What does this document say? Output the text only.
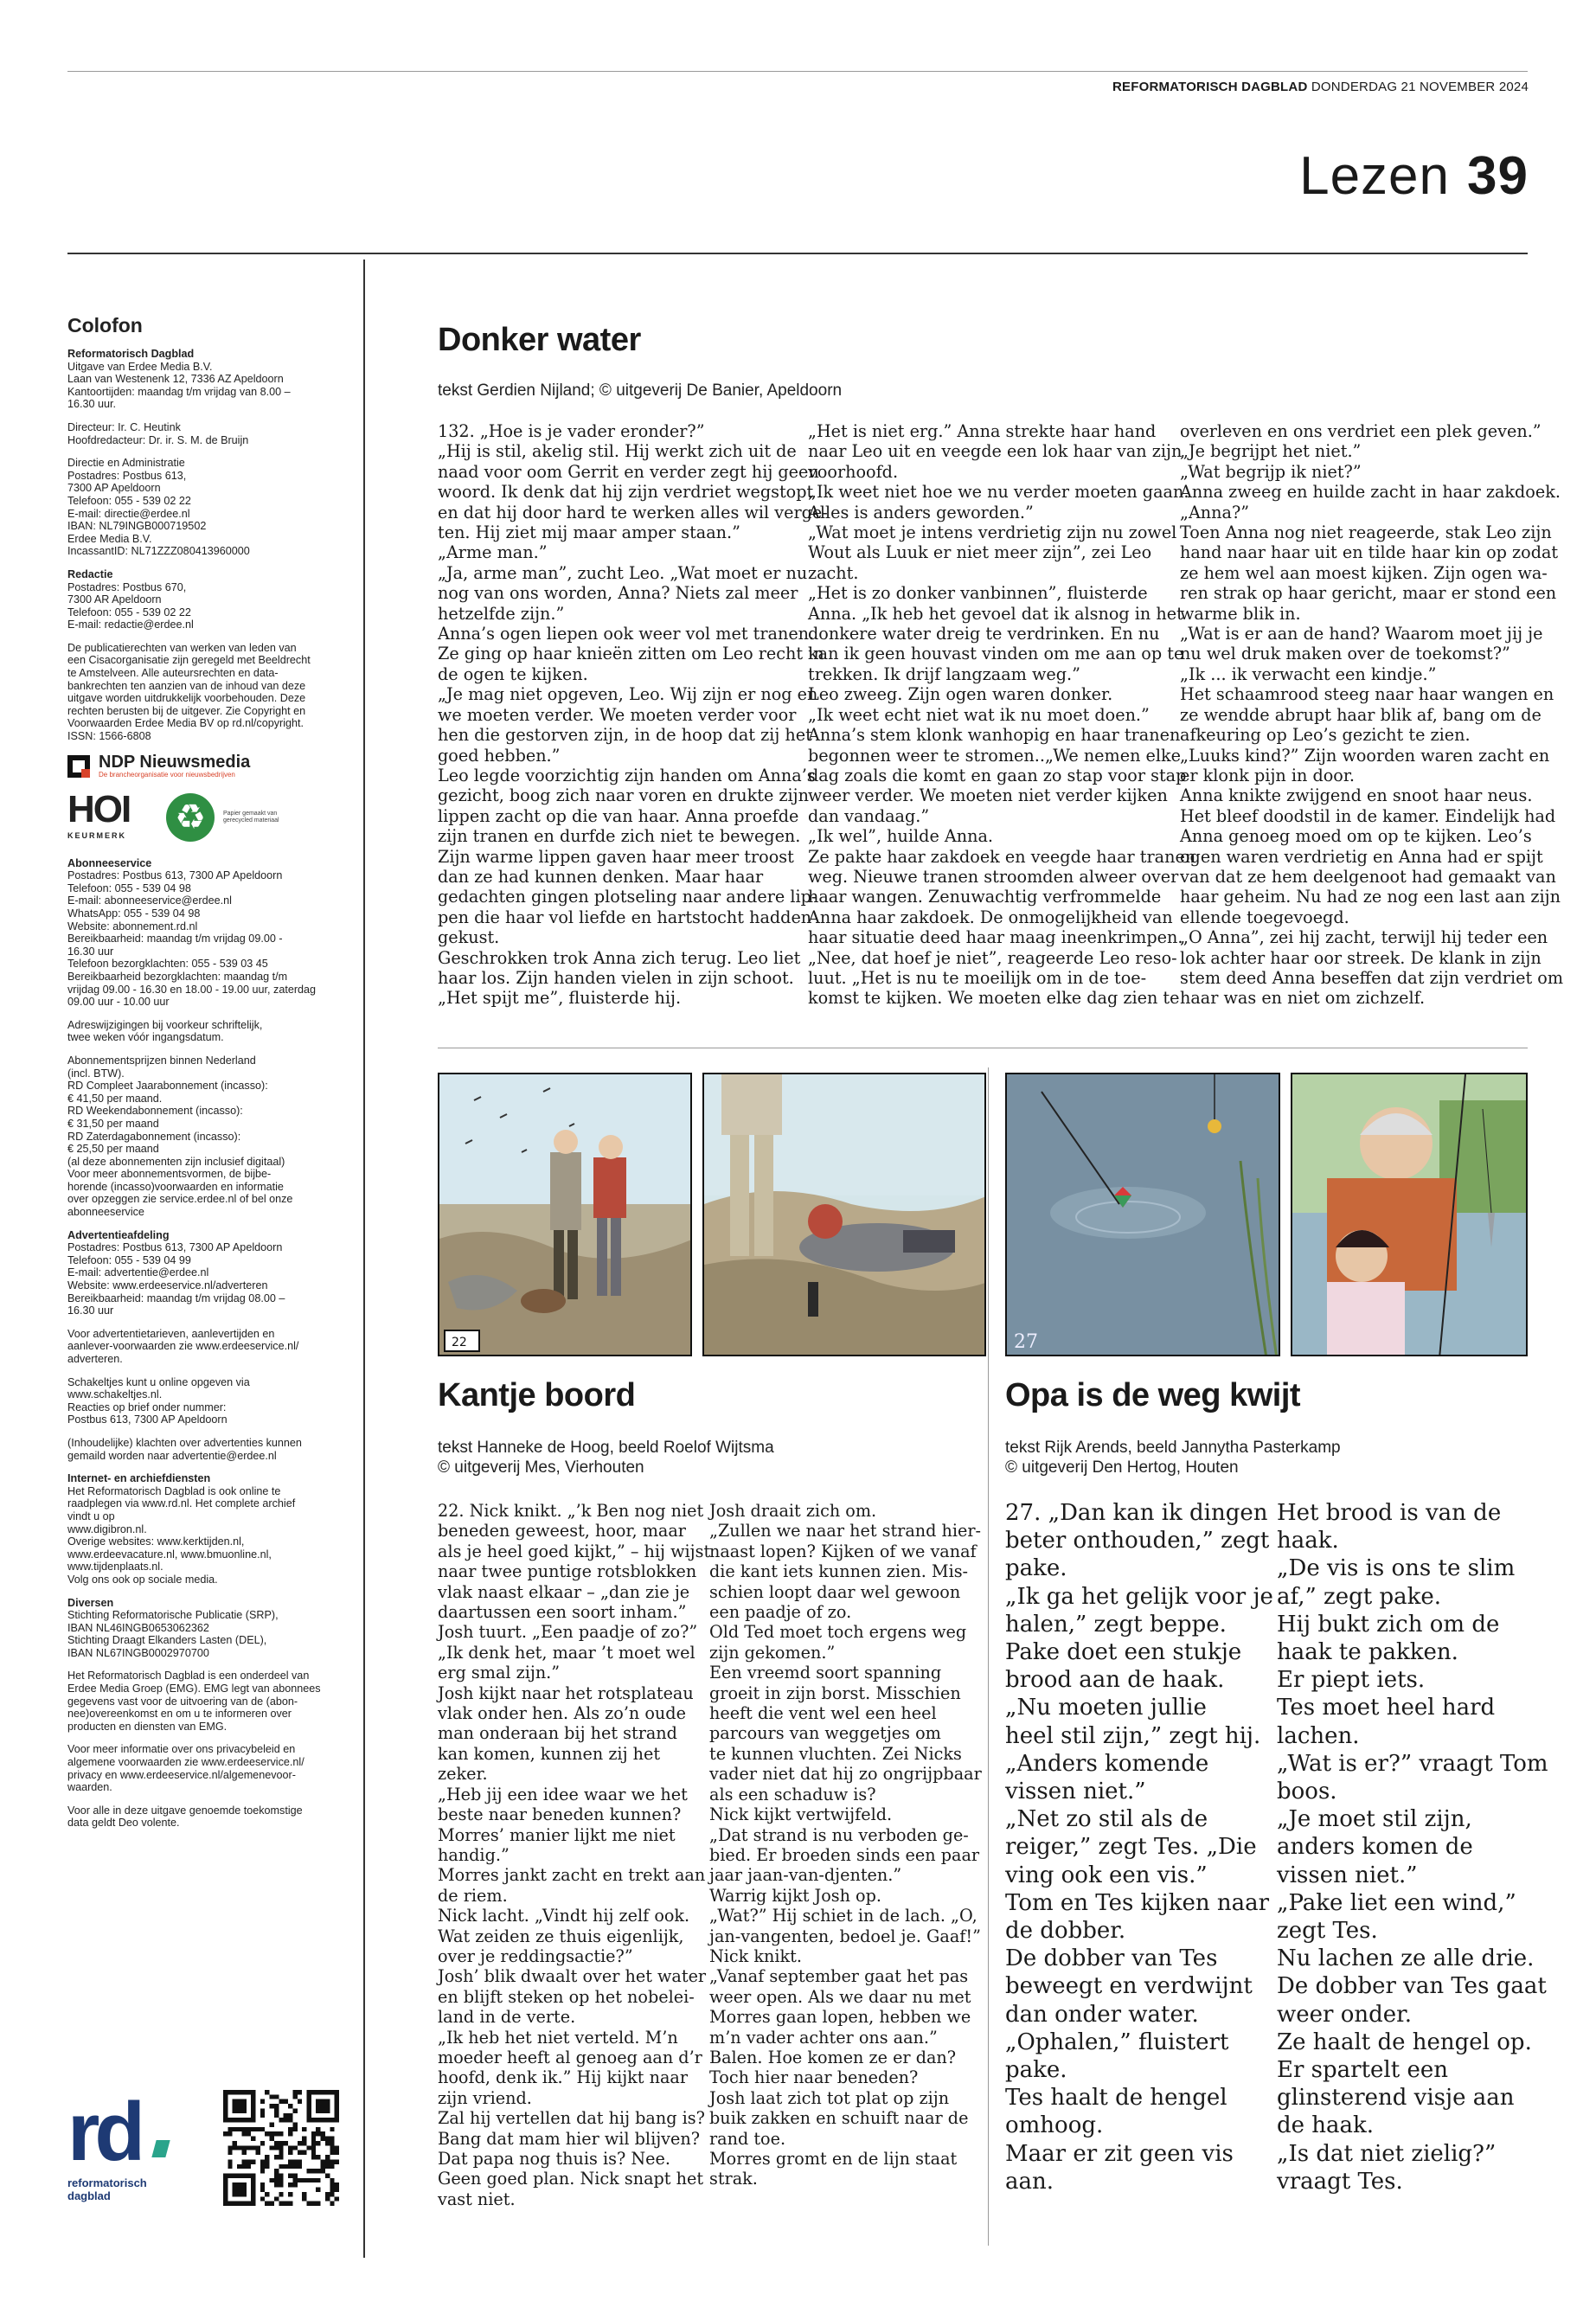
REFORMATORISCH DAGBLAD DONDERDAG 21 NOVEMBER 2024
Lezen 39
Colofon
Reformatorisch Dagblad
Uitgave van Erdee Media B.V.
Laan van Westenenk 12, 7336 AZ Apeldoorn
Kantoortijden: maandag t/m vrijdag van 8.00 –
16.30 uur.
Directeur: Ir. C. Heutink
Hoofdredacteur: Dr. ir. S. M. de Bruijn
Directie en Administratie
Postadres: Postbus 613,
7300 AP Apeldoorn
Telefoon: 055 - 539 02 22
E-mail: directie@erdee.nl
IBAN: NL79INGB000719502
Erdee Media B.V.
IncassantID: NL71ZZZ080413960000
Redactie
Postadres: Postbus 670,
7300 AR Apeldoorn
Telefoon: 055 - 539 02 22
E-mail: redactie@erdee.nl
De publicatierechten van werken van leden van
een Cisacorganisatie zijn geregeld met Beeldrecht
te Amstelveen. Alle auteursrechten en data-
bankrechten ten aanzien van de inhoud van deze
uitgave worden uitdrukkelijk voorbehouden. Deze
rechten berusten bij de uitgever. Zie Copyright en
Voorwaarden Erdee Media BV op rd.nl/copyright.
ISSN: 1566-6808
NDP Nieuwsmedia
De brancheorganisatie voor nieuwsbedrijven
HOI
KEURMERK	♻	Papier gemaakt van gerecycled materiaal
Abonneeservice
Postadres: Postbus 613, 7300 AP Apeldoorn
Telefoon: 055 - 539 04 98
E-mail: abonneeservice@erdee.nl
WhatsApp: 055 - 539 04 98
Website: abonnement.rd.nl
Bereikbaarheid: maandag t/m vrijdag 09.00 -
16.30 uur
Telefoon bezorgklachten: 055 - 539 03 45
Bereikbaarheid bezorgklachten: maandag t/m
vrijdag 09.00 - 16.30 en 18.00 - 19.00 uur, zaterdag
09.00 uur - 10.00 uur
Adreswijzigingen bij voorkeur schriftelijk,
twee weken vóór ingangsdatum.
Abonnementsprijzen binnen Nederland
(incl. BTW).
RD Compleet Jaarabonnement (incasso):
€ 41,50 per maand.
RD Weekendabonnement (incasso):
€ 31,50 per maand
RD Zaterdagabonnement (incasso):
€ 25,50 per maand
(al deze abonnementen zijn inclusief digitaal)
Voor meer abonnementsvormen, de bijbe-
horende (incasso)voorwaarden en informatie
over opzeggen zie service.erdee.nl of bel onze
abonneeservice
Advertentieafdeling
Postadres: Postbus 613, 7300 AP Apeldoorn
Telefoon: 055 - 539 04 99
E-mail: advertentie@erdee.nl
Website: www.erdeeservice.nl/adverteren
Bereikbaarheid: maandag t/m vrijdag 08.00 –
16.30 uur
Voor advertentietarieven, aanlevertijden en
aanlever-voorwaarden zie www.erdeeservice.nl/
adverteren.
Schakeltjes kunt u online opgeven via
www.schakeltjes.nl.
Reacties op brief onder nummer:
Postbus 613, 7300 AP Apeldoorn
(Inhoudelijke) klachten over advertenties kunnen
gemaild worden naar advertentie@erdee.nl
Internet- en archiefdiensten
Het Reformatorisch Dagblad is ook online te
raadplegen via www.rd.nl. Het complete archief
vindt u op
www.digibron.nl.
Overige websites: www.kerktijden.nl,
www.erdeevacature.nl, www.bmuonline.nl,
www.tijdenplaats.nl.
Volg ons ook op sociale media.
Diversen
Stichting Reformatorische Publicatie (SRP),
IBAN NL46INGB0653062362
Stichting Draagt Elkanders Lasten (DEL),
IBAN NL67INGB0002970700
Het Reformatorisch Dagblad is een onderdeel van
Erdee Media Groep (EMG). EMG legt van abonnees
gegevens vast voor de uitvoering van de (abon-
nee)overeenkomst en om u te informeren over
producten en diensten van EMG.
Voor meer informatie over ons privacybeleid en
algemene voorwaarden zie www.erdeeservice.nl/
privacy en www.erdeeservice.nl/algemenevoor-
waarden.
Voor alle in deze uitgave genoemde toekomstige
data geldt Deo volente.
rd
reformatorisch
dagblad
Donker water
tekst Gerdien Nijland; © uitgeverij De Banier, Apeldoorn

132. „Hoe is je vader eronder?”

„Hij is stil, akelig stil. Hij werkt zich uit de

naad voor oom Gerrit en verder zegt hij geen

woord. Ik denk dat hij zijn verdriet wegstopt

en dat hij door hard te werken alles wil verge-

ten. Hij ziet mij maar amper staan.”

„Arme man.”

„Ja, arme man”, zucht Leo. „Wat moet er nu

nog van ons worden, Anna? Niets zal meer

hetzelfde zijn.”

Anna’s ogen liepen ook weer vol met tranen.

Ze ging op haar knieën zitten om Leo recht in

de ogen te kijken.

„Je mag niet opgeven, Leo. Wij zijn er nog en

we moeten verder. We moeten verder voor

hen die gestorven zijn, in de hoop dat zij het

goed hebben.”

Leo legde voorzichtig zijn handen om Anna’s

gezicht, boog zich naar voren en drukte zijn

lippen zacht op die van haar. Anna proefde

zijn tranen en durfde zich niet te bewegen.

Zijn warme lippen gaven haar meer troost

dan ze had kunnen denken. Maar haar

gedachten gingen plotseling naar andere lip-

pen die haar vol liefde en hartstocht hadden

gekust.

Geschrokken trok Anna zich terug. Leo liet

haar los. Zijn handen vielen in zijn schoot.

„Het spijt me”, fluisterde hij.

„Het is niet erg.” Anna strekte haar hand

naar Leo uit en veegde een lok haar van zijn

voorhoofd.

„Ik weet niet hoe we nu verder moeten gaan.

Alles is anders geworden.”

„Wat moet je intens verdrietig zijn nu zowel

Wout als Luuk er niet meer zijn”, zei Leo

zacht.

„Het is zo donker vanbinnen”, fluisterde

Anna. „Ik heb het gevoel dat ik alsnog in het

donkere water dreig te verdrinken. En nu

kan ik geen houvast vinden om me aan op te

trekken. Ik drijf langzaam weg.”

Leo zweeg. Zijn ogen waren donker.

„Ik weet echt niet wat ik nu moet doen.”

Anna’s stem klonk wanhopig en haar tranen

begonnen weer te stromen..„We nemen elke

dag zoals die komt en gaan zo stap voor stap

weer verder. We moeten niet verder kijken

dan vandaag.”

„Ik wel”, huilde Anna.

Ze pakte haar zakdoek en veegde haar tranen

weg. Nieuwe tranen stroomden alweer over

haar wangen. Zenuwachtig verfrommelde

Anna haar zakdoek. De onmogelijkheid van

haar situatie deed haar maag ineenkrimpen.

„Nee, dat hoef je niet”, reageerde Leo reso-

luut. „Het is nu te moeilijk om in de toe-

komst te kijken. We moeten elke dag zien te

overleven en ons verdriet een plek geven.”

„Je begrijpt het niet.”

„Wat begrijp ik niet?”

Anna zweeg en huilde zacht in haar zakdoek.

„Anna?”

Toen Anna nog niet reageerde, stak Leo zijn

hand naar haar uit en tilde haar kin op zodat

ze hem wel aan moest kijken. Zijn ogen wa-

ren strak op haar gericht, maar er stond een

warme blik in.

„Wat is er aan de hand? Waarom moet jij je

nu wel druk maken over de toekomst?”

„Ik ... ik verwacht een kindje.”

Het schaamrood steeg naar haar wangen en

ze wendde abrupt haar blik af, bang om de

afkeuring op Leo’s gezicht te zien.

„Luuks kind?” Zijn woorden waren zacht en

er klonk pijn in door.

Anna knikte zwijgend en snoot haar neus.

Het bleef doodstil in de kamer. Eindelijk had

Anna genoeg moed om op te kijken. Leo’s

ogen waren verdrietig en Anna had er spijt

van dat ze hem deelgenoot had gemaakt van

haar geheim. Nu had ze nog een last aan zijn

ellende toegevoegd.

„O Anna”, zei hij zacht, terwijl hij teder een

lok achter haar oor streek. De klank in zijn

stem deed Anna beseffen dat zijn verdriet om

haar was en niet om zichzelf.

22	27
Kantje boord
tekst Hanneke de Hoog, beeld Roelof Wijtsma
© uitgeverij Mes, Vierhouten

22. Nick knikt. „’k Ben nog niet

beneden geweest, hoor, maar

als je heel goed kijkt,” – hij wijst

naar twee puntige rotsblokken

vlak naast elkaar – „dan zie je

daartussen een soort inham.”

Josh tuurt. „Een paadje of zo?”

„Ik denk het, maar ’t moet wel

erg smal zijn.”

Josh kijkt naar het rotsplateau

vlak onder hen. Als zo’n oude

man onderaan bij het strand

kan komen, kunnen zij het

zeker.

„Heb jij een idee waar we het

beste naar beneden kunnen?

Morres’ manier lijkt me niet

handig.”

Morres jankt zacht en trekt aan

de riem.

Nick lacht. „Vindt hij zelf ook.

Wat zeiden ze thuis eigenlijk,

over je reddingsactie?”

Josh’ blik dwaalt over het water

en blijft steken op het nobelei-

land in de verte.

„Ik heb het niet verteld. M’n

moeder heeft al genoeg aan d’r

hoofd, denk ik.” Hij kijkt naar

zijn vriend.

Zal hij vertellen dat hij bang is?

Bang dat mam hier wil blijven?

Dat papa nog thuis is? Nee.

Geen goed plan. Nick snapt het

vast niet.

Josh draait zich om.

„Zullen we naar het strand hier-

naast lopen? Kijken of we vanaf

die kant iets kunnen zien. Mis-

schien loopt daar wel gewoon

een paadje of zo.

Old Ted moet toch ergens weg

zijn gekomen.”

Een vreemd soort spanning

groeit in zijn borst. Misschien

heeft die vent wel een heel

parcours van weggetjes om

te kunnen vluchten. Zei Nicks

vader niet dat hij zo ongrijpbaar

als een schaduw is?

Nick kijkt vertwijfeld.

„Dat strand is nu verboden ge-

bied. Er broeden sinds een paar

jaar jaan-van-djenten.”

Warrig kijkt Josh op.

„Wat?” Hij schiet in de lach. „O,

jan-vangenten, bedoel je. Gaaf!”

Nick knikt.

„Vanaf september gaat het pas

weer open. Als we daar nu met

Morres gaan lopen, hebben we

m’n vader achter ons aan.”

Balen. Hoe komen ze er dan?

Toch hier naar beneden?

Josh laat zich tot plat op zijn

buik zakken en schuift naar de

rand toe.

Morres gromt en de lijn staat

strak.

Opa is de weg kwijt
tekst Rijk Arends, beeld Jannytha Pasterkamp
© uitgeverij Den Hertog, Houten

27. „Dan kan ik dingen

beter onthouden,” zegt

pake.

„Ik ga het gelijk voor je

halen,” zegt beppe.

Pake doet een stukje

brood aan de haak.

„Nu moeten jullie

heel stil zijn,” zegt hij.

„Anders komende

vissen niet.”

„Net zo stil als de

reiger,” zegt Tes. „Die

ving ook een vis.”

Tom en Tes kijken naar

de dobber.

De dobber van Tes

beweegt en verdwijnt

dan onder water.

„Ophalen,” fluistert

pake.

Tes haalt de hengel

omhoog.

Maar er zit geen vis

aan.

Het brood is van de

haak.

„De vis is ons te slim

af,” zegt pake.

Hij bukt zich om de

haak te pakken.

Er piept iets.

Tes moet heel hard

lachen.

„Wat is er?” vraagt Tom

boos.

„Je moet stil zijn,

anders komen de

vissen niet.”

„Pake liet een wind,”

zegt Tes.

Nu lachen ze alle drie.

De dobber van Tes gaat

weer onder.

Ze haalt de hengel op.

Er spartelt een

glinsterend visje aan

de haak.

„Is dat niet zielig?”

vraagt Tes.
